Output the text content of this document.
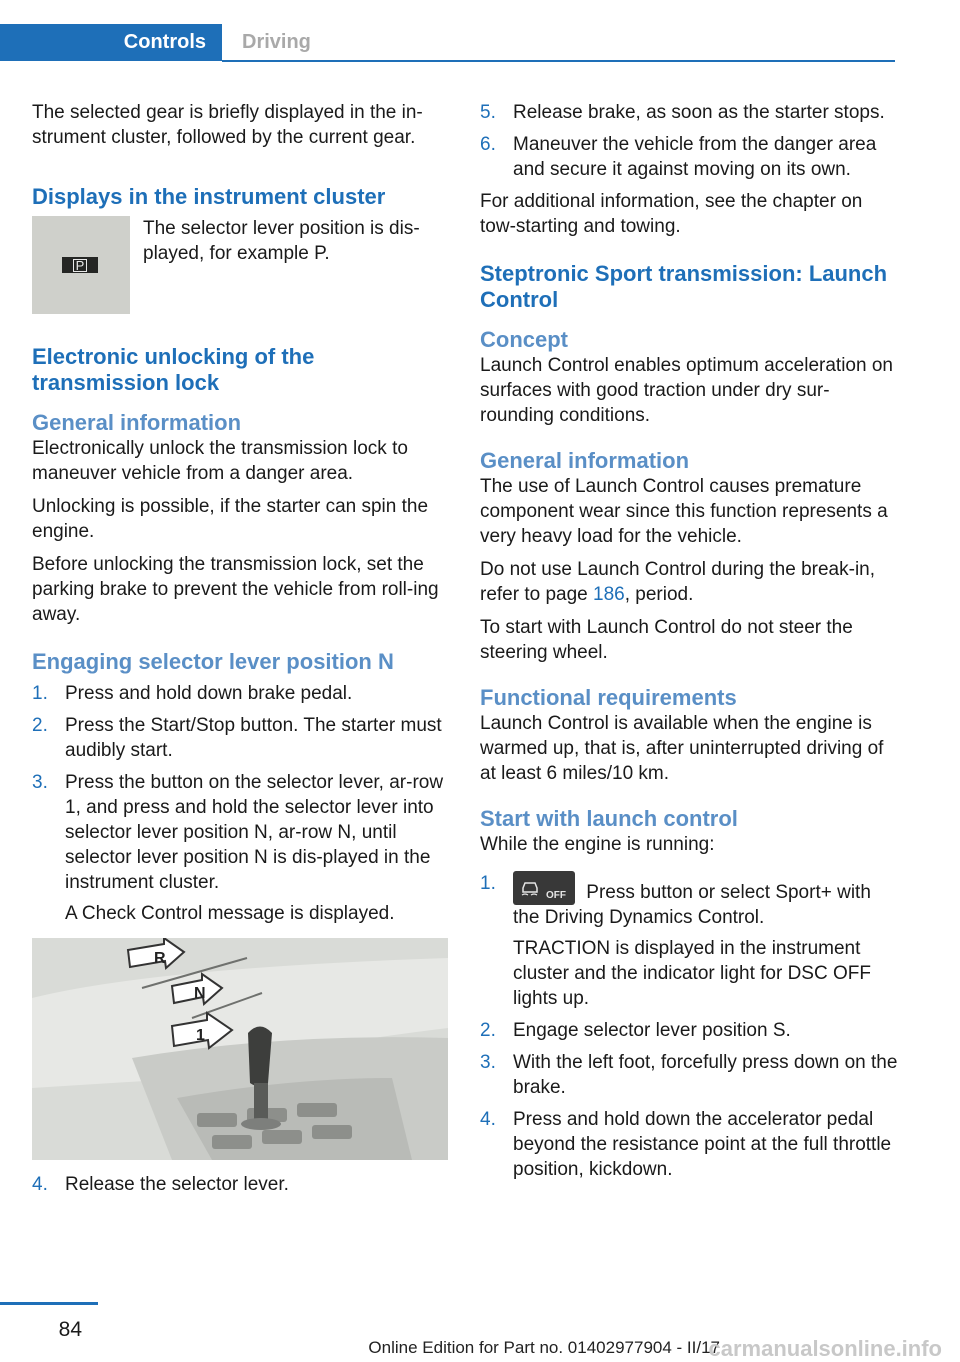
Controls	Driving

The selected gear is briefly displayed in the in-strument cluster, followed by the current gear.

Displays in the instrument cluster
P
The selector lever position is dis-played, for example P.
Electronic unlocking of the transmission lock
General information

Electronically unlock the transmission lock to maneuver vehicle from a danger area.

Unlocking is possible, if the starter can spin the engine.

Before unlocking the transmission lock, set the parking brake to prevent the vehicle from roll-ing away.

Engaging selector lever position N
1. Press and hold down brake pedal.
2. Press the Start/Stop button. The starter must audibly start.
3. Press the button on the selector lever, ar-row 1, and press and hold the selector lever into selector lever position N, ar-row N, until selector lever position N is dis-played in the instrument cluster.
A Check Control message is displayed.
R
N
1
4. Release the selector lever.
5. Release brake, as soon as the starter stops.
6. Maneuver the vehicle from the danger area and secure it against moving on its own.

For additional information, see the chapter on tow-starting and towing.

Steptronic Sport transmission: Launch Control
Concept

Launch Control enables optimum acceleration on surfaces with good traction under dry sur-rounding conditions.

General information

The use of Launch Control causes premature component wear since this function represents a very heavy load for the vehicle.

Do not use Launch Control during the break-in, refer to page 186, period.

To start with Launch Control do not steer the steering wheel.

Functional requirements

Launch Control is available when the engine is warmed up, that is, after uninterrupted driving of at least 6 miles/10 km.

Start with launch control

While the engine is running:

1.
OFF Press button or select Sport+ with the Driving Dynamics Control.
TRACTION is displayed in the instrument cluster and the indicator light for DSC OFF lights up.
2. Engage selector lever position S.
3. With the left foot, forcefully press down on the brake.
4. Press and hold down the accelerator pedal beyond the resistance point at the full throttle position, kickdown.
84
Online Edition for Part no. 01402977904 - II/17
carmanualsonline.info
